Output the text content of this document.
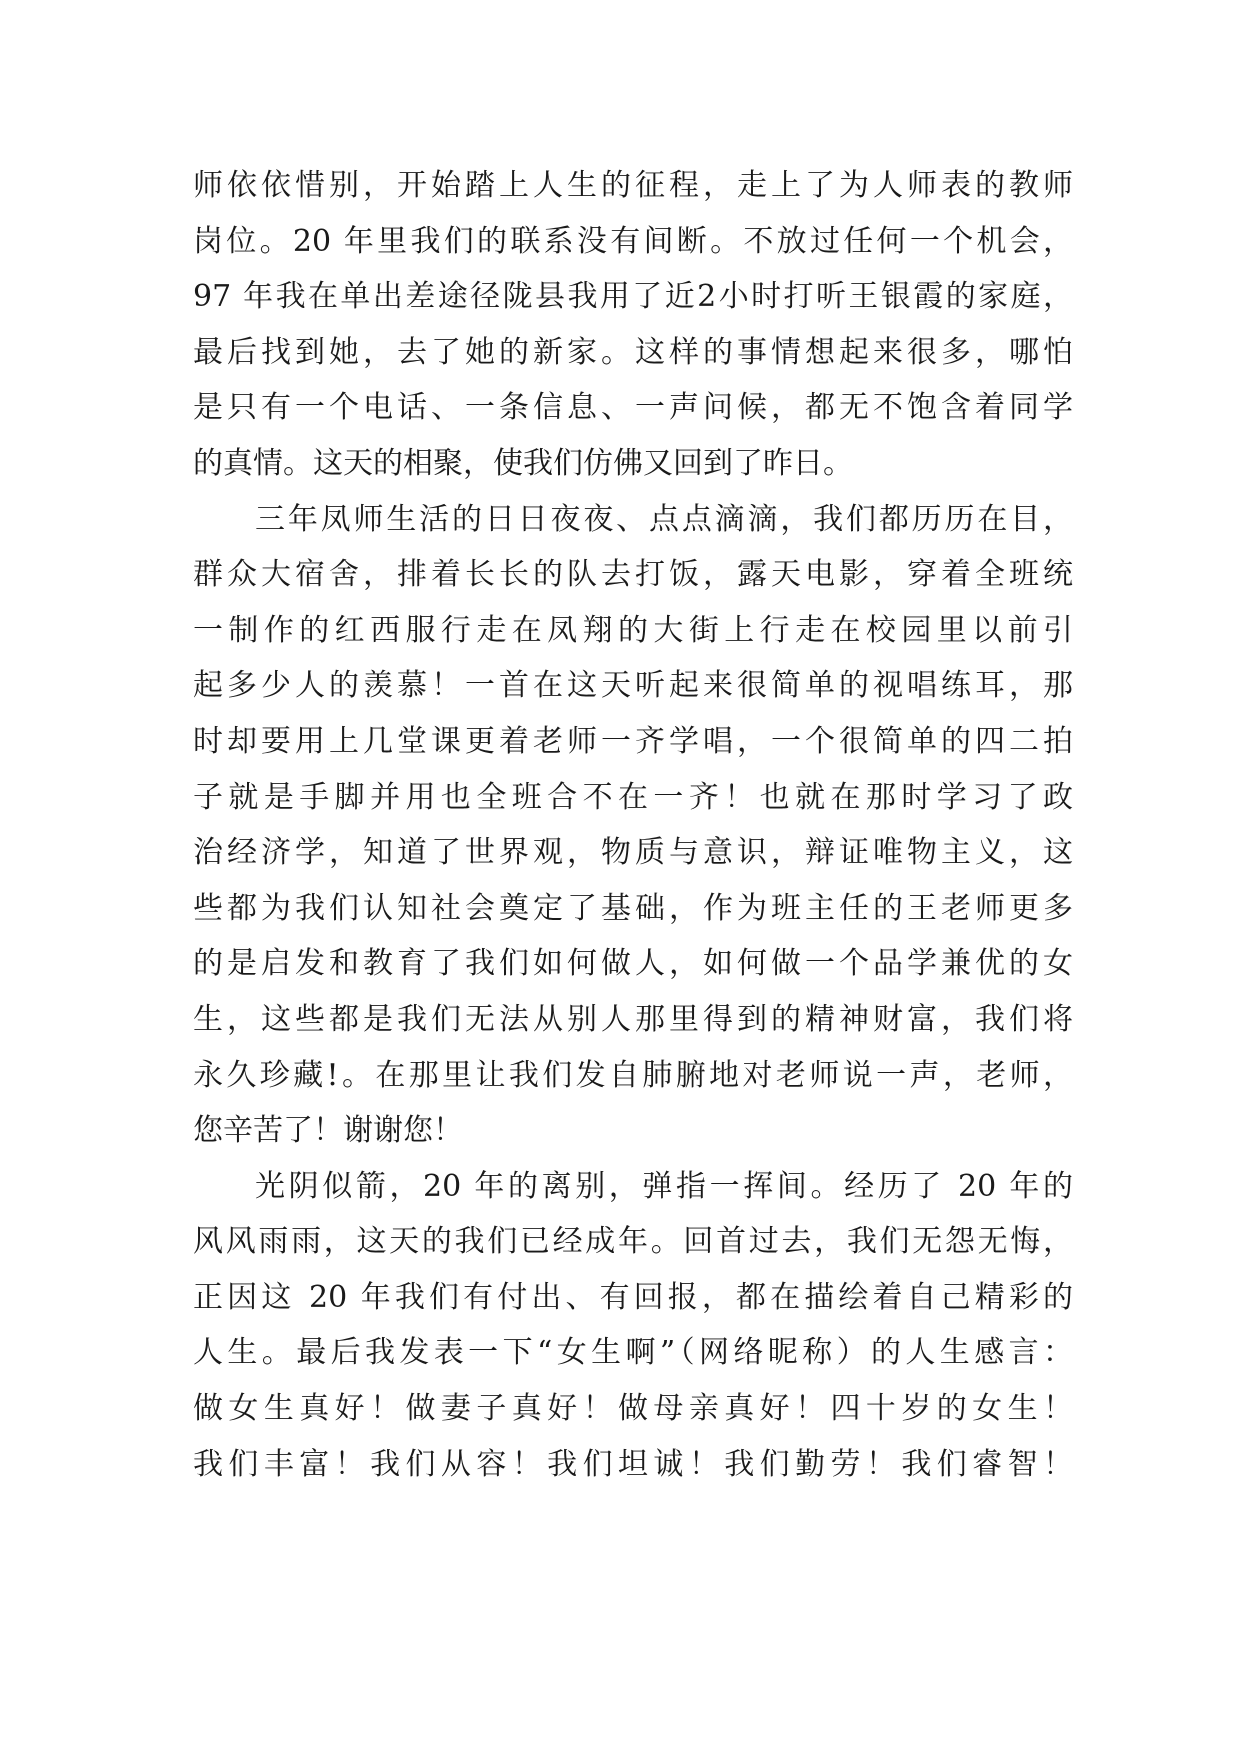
师依依惜别，开始踏上人生的征程，走上了为人师表的教师
岗位。20 年里我们的联系没有间断。不放过任何一个机会，
97 年我在单出差途径陇县我用了近2小时打听王银霞的家庭，
最后找到她，去了她的新家。这样的事情想起来很多，哪怕
是只有一个电话、一条信息、一声问候，都无不饱含着同学
的真情。这天的相聚，使我们仿佛又回到了昨日。
三年凤师生活的日日夜夜、点点滴滴，我们都历历在目，
群众大宿舍，排着长长的队去打饭，露天电影，穿着全班统
一制作的红西服行走在凤翔的大街上行走在校园里以前引
起多少人的羡慕！一首在这天听起来很简单的视唱练耳，那
时却要用上几堂课更着老师一齐学唱，一个很简单的四二拍
子就是手脚并用也全班合不在一齐！也就在那时学习了政
治经济学，知道了世界观，物质与意识，辩证唯物主义，这
些都为我们认知社会奠定了基础，作为班主任的王老师更多
的是启发和教育了我们如何做人，如何做一个品学兼优的女
生，这些都是我们无法从别人那里得到的精神财富，我们将
永久珍藏!。在那里让我们发自肺腑地对老师说一声，老师，
您辛苦了！谢谢您！
光阴似箭，20 年的离别，弹指一挥间。经历了 20 年的
风风雨雨，这天的我们已经成年。回首过去，我们无怨无悔，
正因这 20 年我们有付出、有回报，都在描绘着自己精彩的
人生。最后我发表一下“女生啊”（网络昵称）的人生感言：
做女生真好！做妻子真好！做母亲真好！四十岁的女生！
我们丰富！我们从容！我们坦诚！我们勤劳！我们睿智！
